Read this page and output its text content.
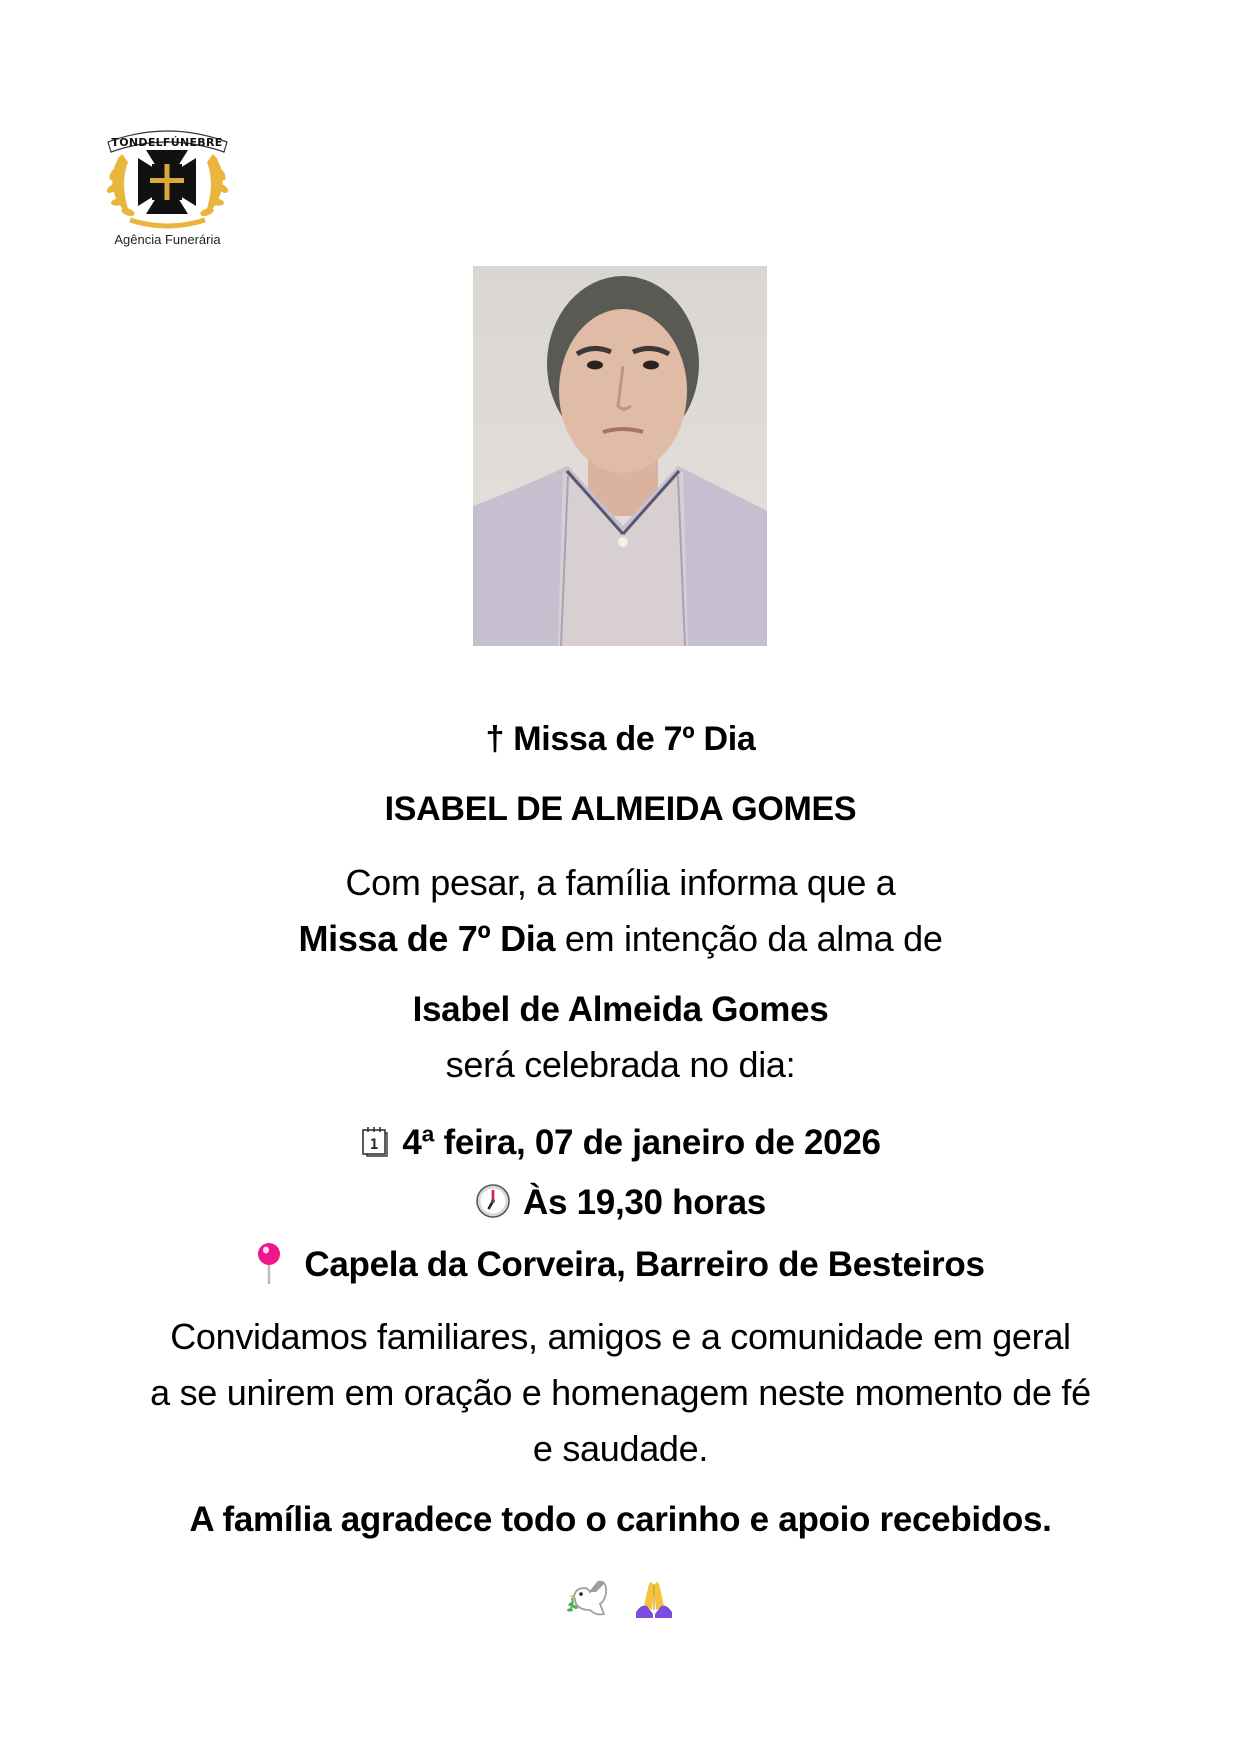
TONDELFÚNEBRE
Agência Funerária
† Missa de 7º Dia
ISABEL DE ALMEIDA GOMES
Com pesar, a família informa que a
Missa de 7º Dia em intenção da alma de
Isabel de Almeida Gomes
será celebrada no dia:
1 4ª feira, 07 de janeiro de 2026
Às 19,30 horas
Capela da Corveira, Barreiro de Besteiros
Convidamos familiares, amigos e a comunidade em geral
a se unirem em oração e homenagem neste momento de fé
e saudade.
A família agradece todo o carinho e apoio recebidos.
